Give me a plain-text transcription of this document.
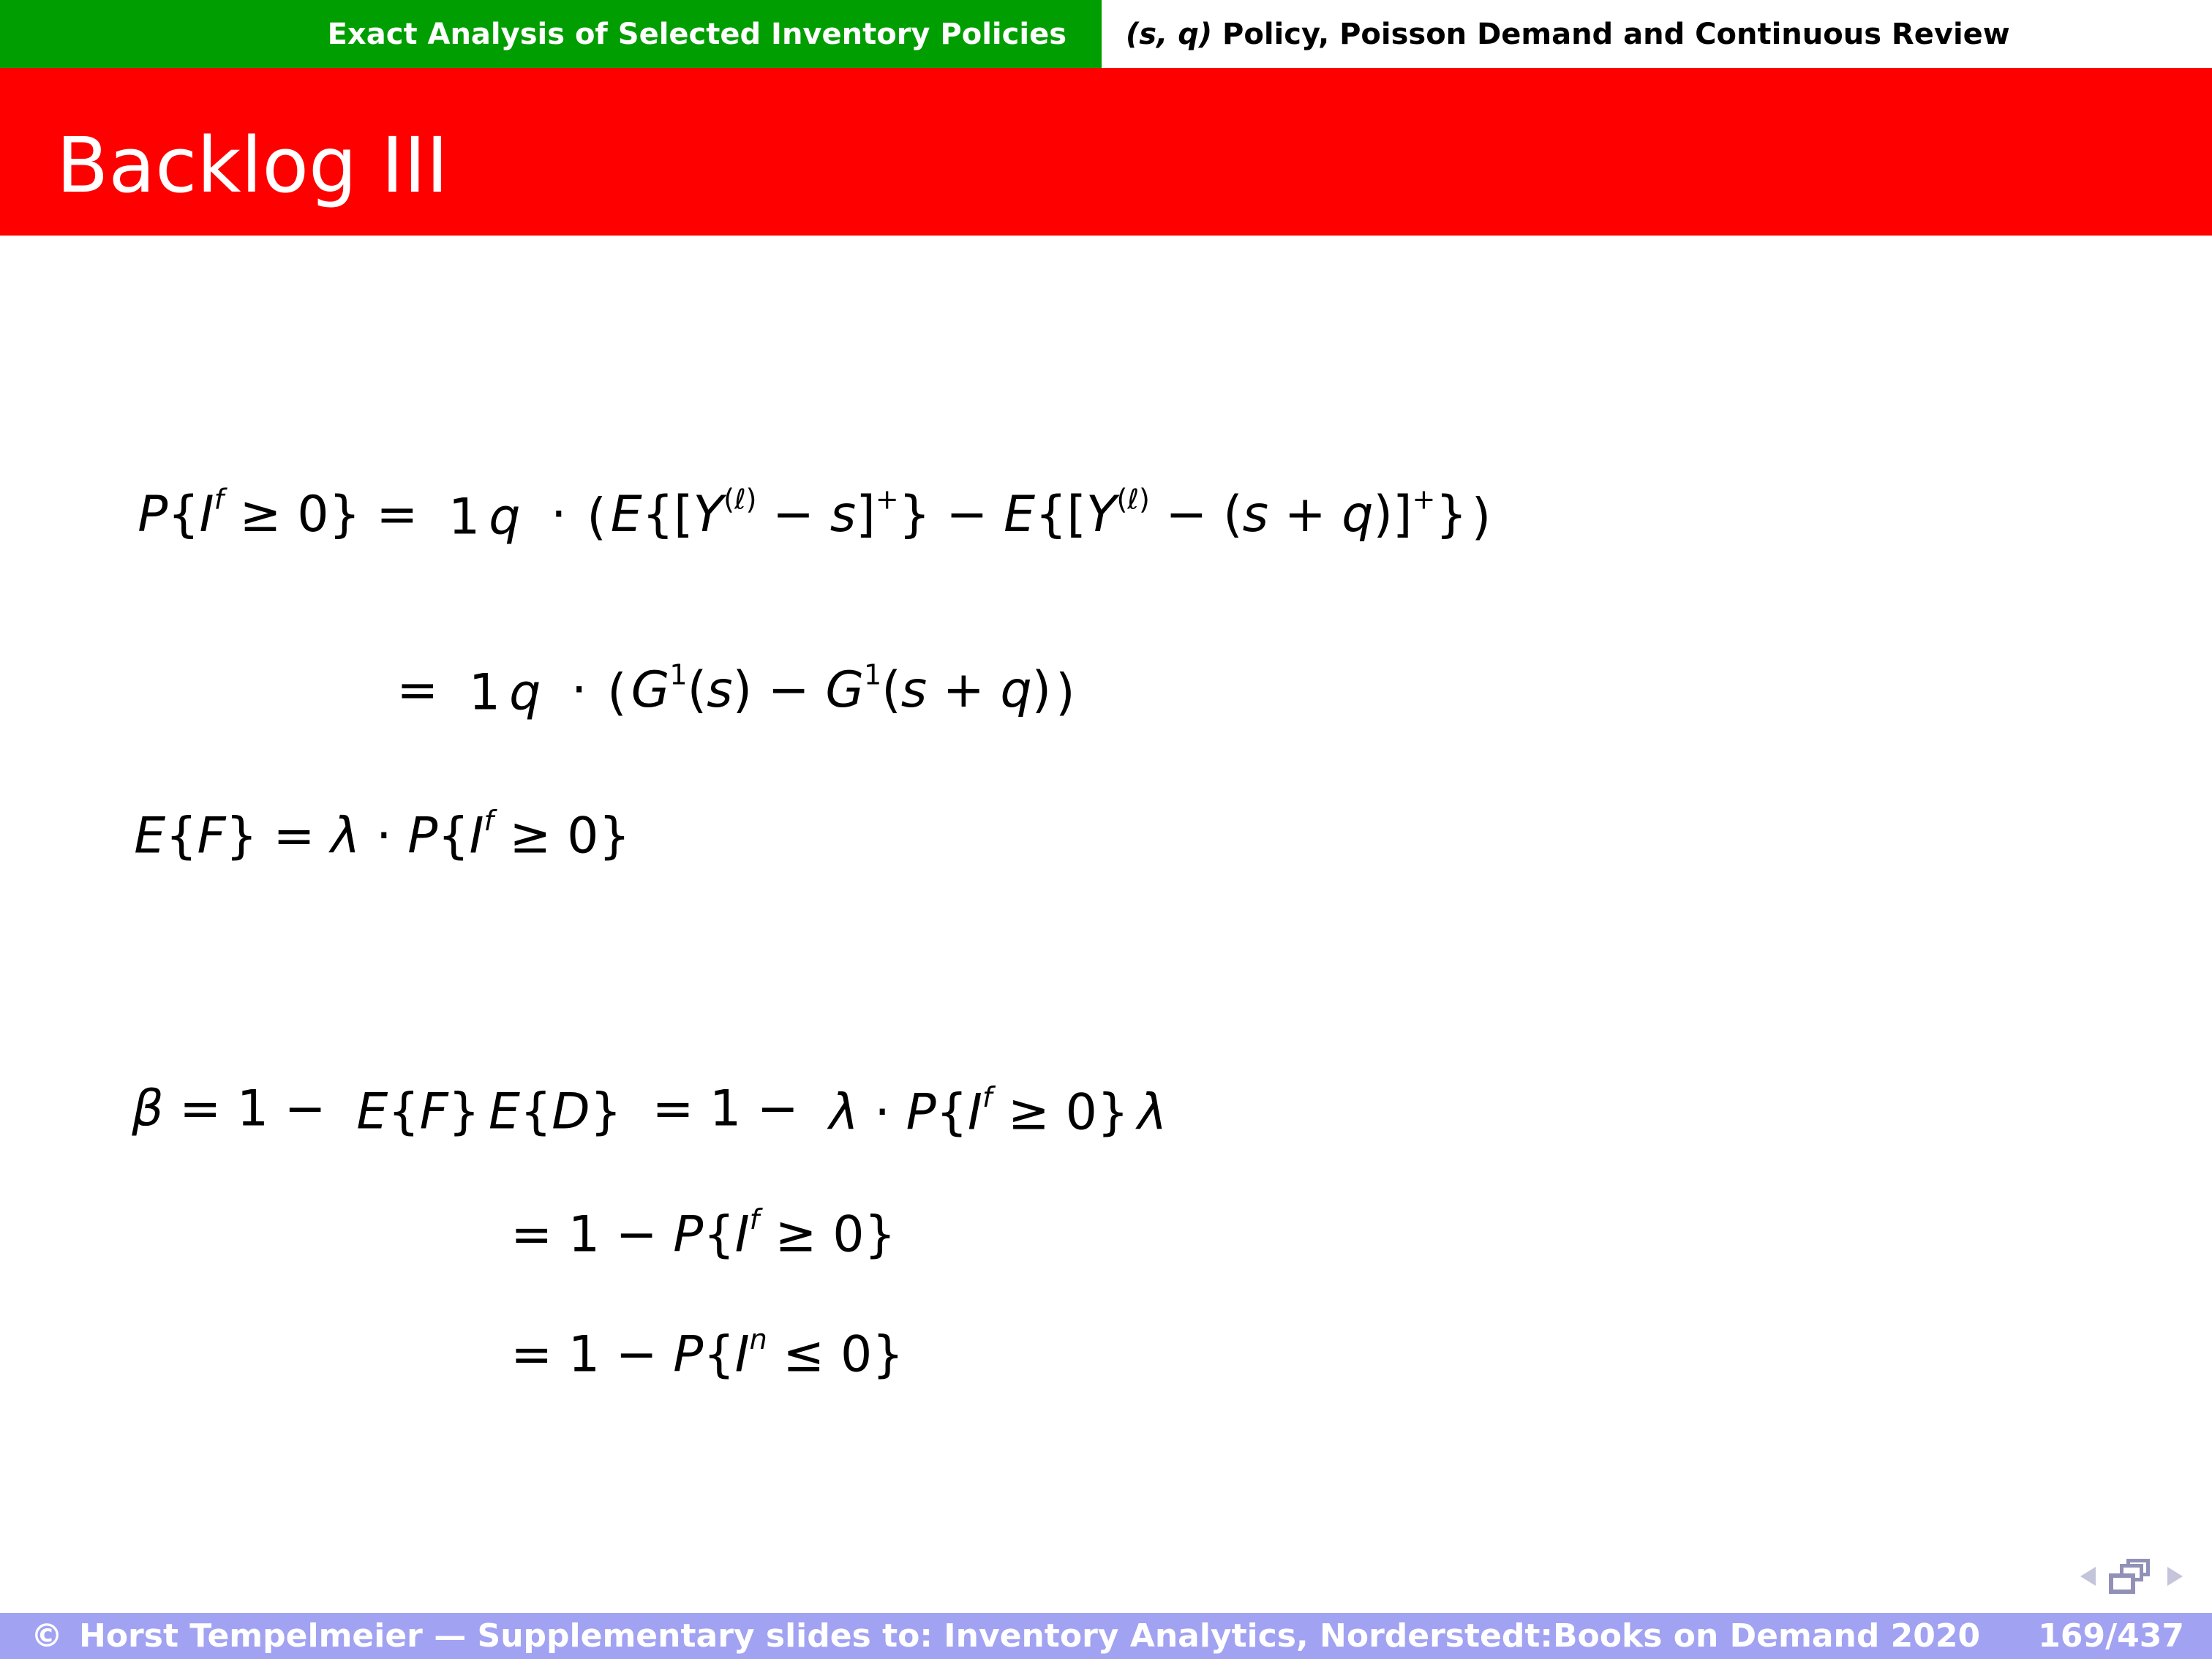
Exact Analysis of Selected Inventory Policies	(s, q) Policy, Poisson Demand and Continuous Review
Backlog III

$P\{I^f \ge 0\} = 1$ $q \cdot (E\{[Y^{(\ell)} - s]^+\} - E\{[Y^{(\ell)} - (s + q)]^+\})$

= 1 $q \cdot (G^1(s) - G^1(s + q))$

$E\{F\} = \lambda \cdot P\{I^f \ge 0\}$

β = 1 − E{F} $E\{D\} = 1 - \lambda \cdot P\{I^f \ge 0\}$ λ

= $1 - P\{I^f \ge 0\}$

= $1 - P\{I^n \le 0\}$

© Horst Tempelmeier — Supplementary slides to: Inventory Analytics, Norderstedt:Books on Demand 2020 169/437
